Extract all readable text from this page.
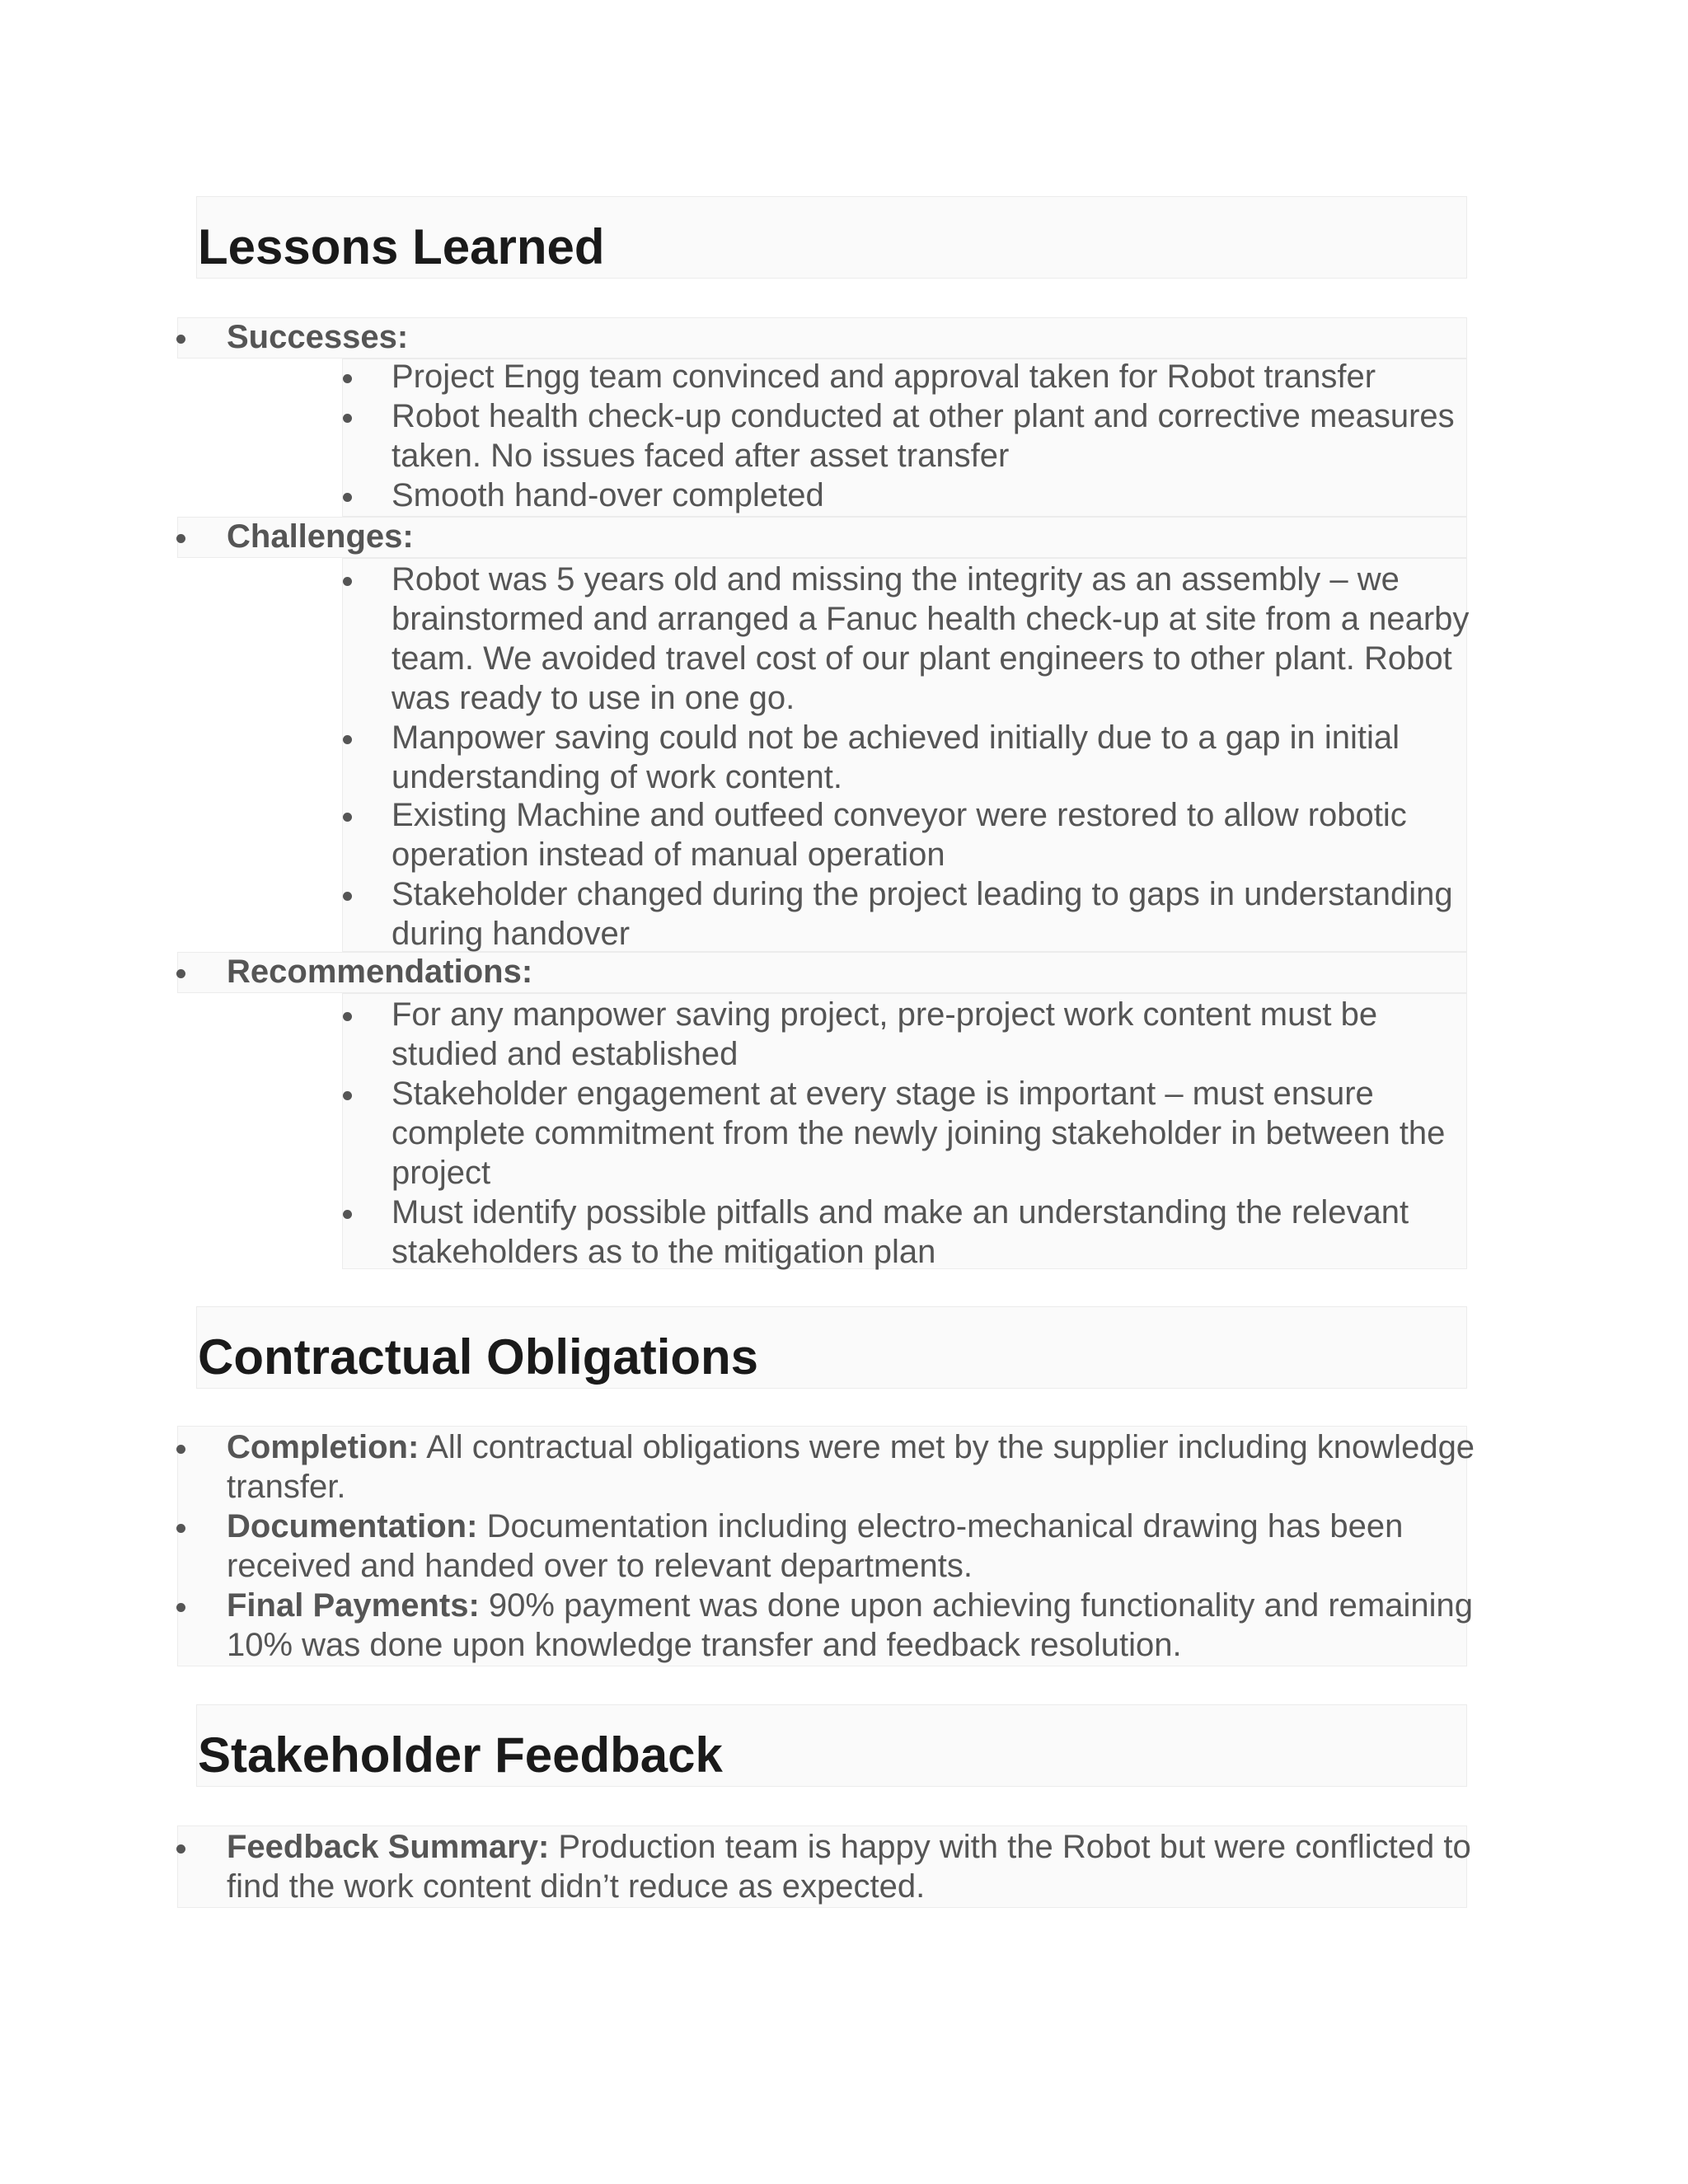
Lessons Learned
Successes:
Project Engg team convinced and approval taken for Robot transfer
Robot health check-up conducted at other plant and corrective measures
taken. No issues faced after asset transfer
Smooth hand-over completed
Challenges:
Robot was 5 years old and missing the integrity as an assembly – we
brainstormed and arranged a Fanuc health check-up at site from a nearby
team. We avoided travel cost of our plant engineers to other plant. Robot
was ready to use in one go.
Manpower saving could not be achieved initially due to a gap in initial
understanding of work content.
Existing Machine and outfeed conveyor were restored to allow robotic
operation instead of manual operation
Stakeholder changed during the project leading to gaps in understanding
during handover
Recommendations:
For any manpower saving project, pre-project work content must be
studied and established
Stakeholder engagement at every stage is important – must ensure
complete commitment from the newly joining stakeholder in between the
project
Must identify possible pitfalls and make an understanding the relevant
stakeholders as to the mitigation plan
Contractual Obligations
Completion: All contractual obligations were met by the supplier including knowledge
transfer.
Documentation: Documentation including electro-mechanical drawing has been
received and handed over to relevant departments.
Final Payments: 90% payment was done upon achieving functionality and remaining
10% was done upon knowledge transfer and feedback resolution.
Stakeholder Feedback
Feedback Summary: Production team is happy with the Robot but were conflicted to
find the work content didn’t reduce as expected.
